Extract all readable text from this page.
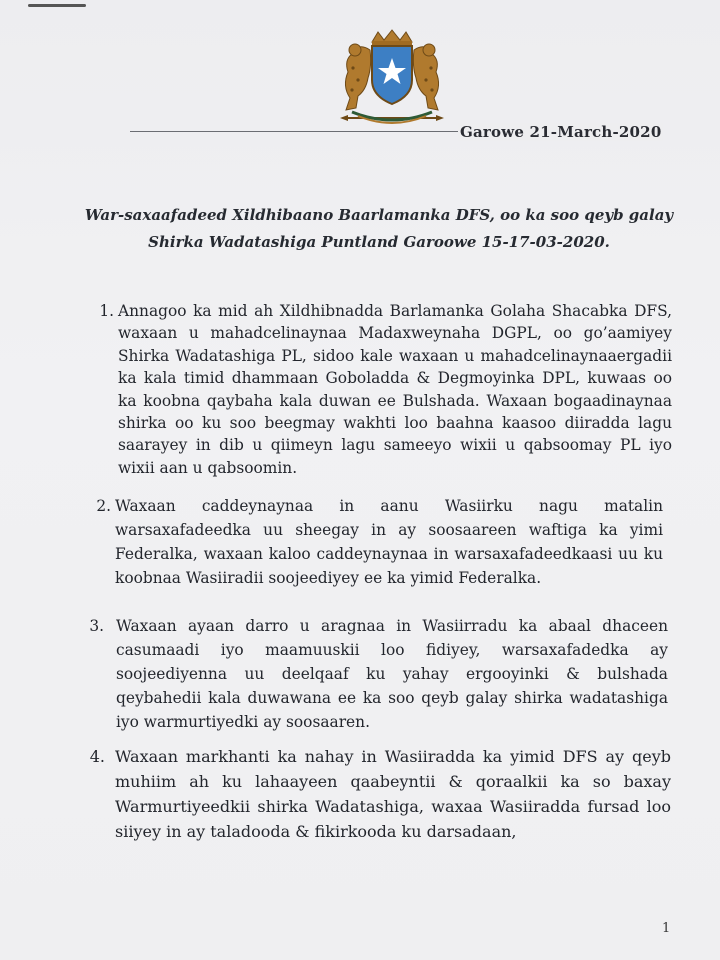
Garowe 21-March-2020
War-saxaafadeed Xildhibaano Baarlamanka DFS, oo ka soo qeyb galay
Shirka Wadatashiga Puntland Garoowe 15-17-03-2020.
1. Annagoo ka mid ah Xildhibnadda Barlamanka Golaha Shacabka DFS, waxaan u mahadcelinaynaa Madaxweynaha DGPL, oo go’aamiyey Shirka Wadatashiga PL, sidoo kale waxaan u mahadcelinaynaaergadii ka kala timid dhammaan Goboladda & Degmoyinka DPL, kuwaas oo ka koobna qaybaha kala duwan ee Bulshada. Waxaan bogaadinaynaa shirka oo ku soo beegmay wakhti loo baahna kaasoo diiradda lagu saarayey in dib u qiimeyn lagu sameeyo wixii u qabsoomay PL iyo wixii aan u qabsoomin.
2. Waxaan caddeynaynaa in aanu Wasiirku nagu matalin warsaxafadeedka uu sheegay in ay soosaareen waftiga ka yimi Federalka, waxaan kaloo caddeynaynaa in warsaxafadeedkaasi uu ku koobnaa Wasiiradii soojeediyey ee ka yimid Federalka.
3. Waxaan ayaan darro u aragnaa in Wasiirradu ka abaal dhaceen casumaadi iyo maamuuskii loo fidiyey, warsaxafadedka ay soojeediyenna uu deelqaaf ku yahay ergooyinki & bulshada qeybahedii kala duwawana ee ka soo qeyb galay shirka wadatashiga iyo warmurtiyedki ay soosaaren.
4. Waxaan markhanti ka nahay in Wasiiradda ka yimid DFS ay qeyb muhiim ah ku lahaayeen qaabeyntii & qoraalkii ka so baxay Warmurtiyeedkii shirka Wadatashiga, waxaa Wasiiradda fursad loo siiyey in ay taladooda & fikirkooda ku darsadaan,
1
